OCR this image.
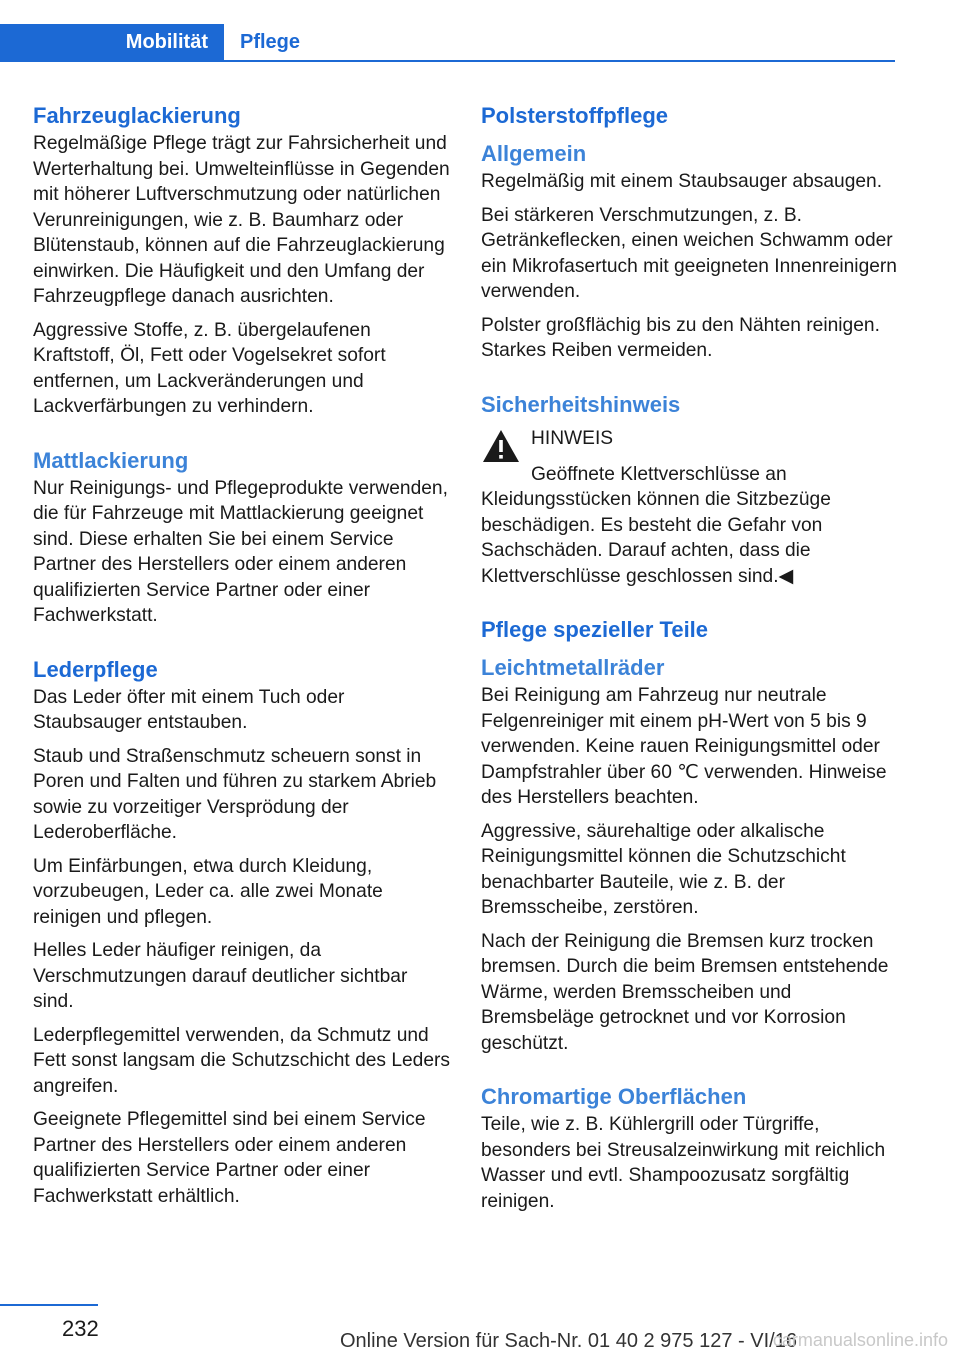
Mobilität	Pflege
Fahrzeuglackierung

Regelmäßige Pflege trägt zur Fahrsicherheit und Werterhaltung bei. Umwelteinflüsse in Gegenden mit höherer Luftverschmutzung oder natürlichen Verunreinigungen, wie z. B. Baumharz oder Blütenstaub, können auf die Fahrzeuglackierung einwirken. Die Häufigkeit und den Umfang der Fahrzeugpflege danach ausrichten.

Aggressive Stoffe, z. B. übergelaufenen Kraftstoff, Öl, Fett oder Vogelsekret sofort entfernen, um Lackveränderungen und Lackverfärbungen zu verhindern.

Mattlackierung

Nur Reinigungs- und Pflegeprodukte verwenden, die für Fahrzeuge mit Mattlackierung geeignet sind. Diese erhalten Sie bei einem Service Partner des Herstellers oder einem anderen qualifizierten Service Partner oder einer Fachwerkstatt.

Lederpflege

Das Leder öfter mit einem Tuch oder Staubsauger entstauben.

Staub und Straßenschmutz scheuern sonst in Poren und Falten und führen zu starkem Abrieb sowie zu vorzeitiger Versprödung der Lederoberfläche.

Um Einfärbungen, etwa durch Kleidung, vorzubeugen, Leder ca. alle zwei Monate reinigen und pflegen.

Helles Leder häufiger reinigen, da Verschmutzungen darauf deutlicher sichtbar sind.

Lederpflegemittel verwenden, da Schmutz und Fett sonst langsam die Schutzschicht des Leders angreifen.

Geeignete Pflegemittel sind bei einem Service Partner des Herstellers oder einem anderen qualifizierten Service Partner oder einer Fachwerkstatt erhältlich.

Polsterstoffpflege
Allgemein

Regelmäßig mit einem Staubsauger absaugen.

Bei stärkeren Verschmutzungen, z. B. Getränkeflecken, einen weichen Schwamm oder ein Mikrofasertuch mit geeigneten Innenreinigern verwenden.

Polster großflächig bis zu den Nähten reinigen. Starkes Reiben vermeiden.

Sicherheitshinweis
HINWEIS

Geöffnete Klettverschlüsse an Kleidungsstücken können die Sitzbezüge beschädigen. Es besteht die Gefahr von Sachschäden. Darauf achten, dass die Klettverschlüsse geschlossen sind.◀

Pflege spezieller Teile
Leichtmetallräder

Bei Reinigung am Fahrzeug nur neutrale Felgenreiniger mit einem pH-Wert von 5 bis 9 verwenden. Keine rauen Reinigungsmittel oder Dampfstrahler über 60 ℃ verwenden. Hinweise des Herstellers beachten.

Aggressive, säurehaltige oder alkalische Reinigungsmittel können die Schutzschicht benachbarter Bauteile, wie z. B. der Bremsscheibe, zerstören.

Nach der Reinigung die Bremsen kurz trocken bremsen. Durch die beim Bremsen entstehende Wärme, werden Bremsscheiben und Bremsbeläge getrocknet und vor Korrosion geschützt.

Chromartige Oberflächen

Teile, wie z. B. Kühlergrill oder Türgriffe, besonders bei Streusalzeinwirkung mit reichlich Wasser und evtl. Shampoozusatz sorgfältig reinigen.

232	Online Version für Sach-Nr. 01 40 2 975 127 - VI/16
carmanualsonline.info
